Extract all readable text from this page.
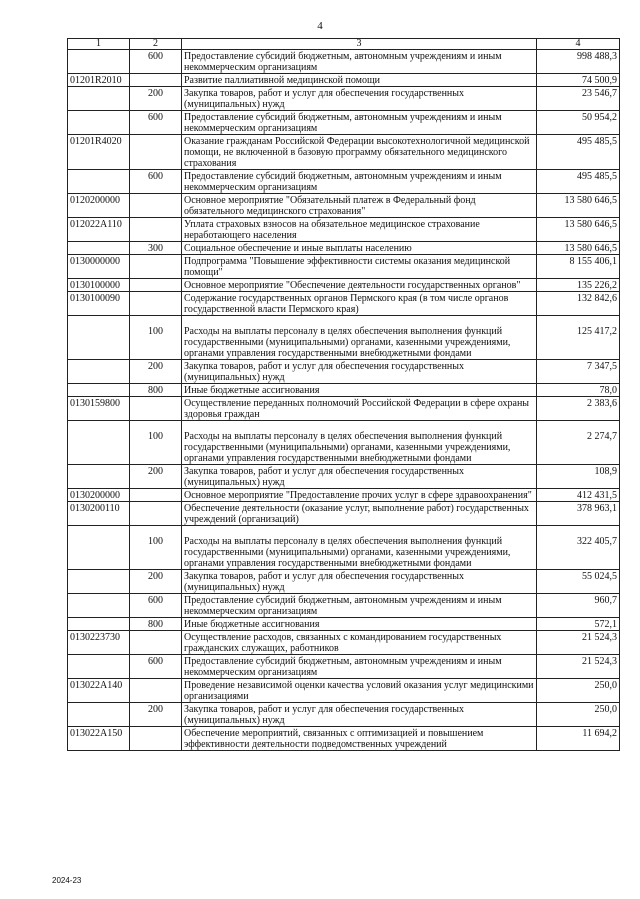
4
1	2	3	4
	600	Предоставление субсидий бюджетным, автономным учреждениям и иным некоммерческим организациям	998 488,3
01201R2010		Развитие паллиативной медицинской помощи	74 500,9
	200	Закупка товаров, работ и услуг для обеспечения государственных (муниципальных) нужд	23 546,7
	600	Предоставление субсидий бюджетным, автономным учреждениям и иным некоммерческим организациям	50 954,2
01201R4020		Оказание гражданам Российской Федерации высокотехнологичной медицинской помощи, не включенной в базовую программу обязательного медицинского страхования	495 485,5
	600	Предоставление субсидий бюджетным, автономным учреждениям и иным некоммерческим организациям	495 485,5
0120200000		Основное мероприятие "Обязательный платеж в Федеральный фонд обязательного медицинского страхования"	13 580 646,5
012022А110		Уплата страховых взносов на обязательное медицинское страхование неработающего населения	13 580 646,5
	300	Социальное обеспечение и иные выплаты населению	13 580 646,5
0130000000		Подпрограмма "Повышение эффективности системы оказания медицинской помощи"	8 155 406,1
0130100000		Основное мероприятие "Обеспечение деятельности государственных органов"	135 226,2
0130100090		Содержание государственных органов Пермского края (в том числе органов государственной власти Пермского края)	132 842,6
	100	Расходы на выплаты персоналу в целях обеспечения выполнения функций государственными (муниципальными) органами, казенными учреждениями, органами управления государственными внебюджетными фондами	125 417,2
	200	Закупка товаров, работ и услуг для обеспечения государственных (муниципальных) нужд	7 347,5
	800	Иные бюджетные ассигнования	78,0
0130159800		Осуществление переданных полномочий Российской Федерации в сфере охраны здоровья граждан	2 383,6
	100	Расходы на выплаты персоналу в целях обеспечения выполнения функций государственными (муниципальными) органами, казенными учреждениями, органами управления государственными внебюджетными фондами	2 274,7
	200	Закупка товаров, работ и услуг для обеспечения государственных (муниципальных) нужд	108,9
0130200000		Основное мероприятие "Предоставление прочих услуг в сфере здравоохранения"	412 431,5
0130200110		Обеспечение деятельности (оказание услуг, выполнение работ) государственных учреждений (организаций)	378 963,1
	100	Расходы на выплаты персоналу в целях обеспечения выполнения функций государственными (муниципальными) органами, казенными учреждениями, органами управления государственными внебюджетными фондами	322 405,7
	200	Закупка товаров, работ и услуг для обеспечения государственных (муниципальных) нужд	55 024,5
	600	Предоставление субсидий бюджетным, автономным учреждениям и иным некоммерческим организациям	960,7
	800	Иные бюджетные ассигнования	572,1
0130223730		Осуществление расходов, связанных с командированием государственных гражданских служащих, работников	21 524,3
	600	Предоставление субсидий бюджетным, автономным учреждениям и иным некоммерческим организациям	21 524,3
013022А140		Проведение независимой оценки качества условий оказания услуг медицинскими организациями	250,0
	200	Закупка товаров, работ и услуг для обеспечения государственных (муниципальных) нужд	250,0
013022А150		Обеспечение мероприятий, связанных с оптимизацией и повышением эффективности деятельности подведомственных учреждений	11 694,2
2024-23
